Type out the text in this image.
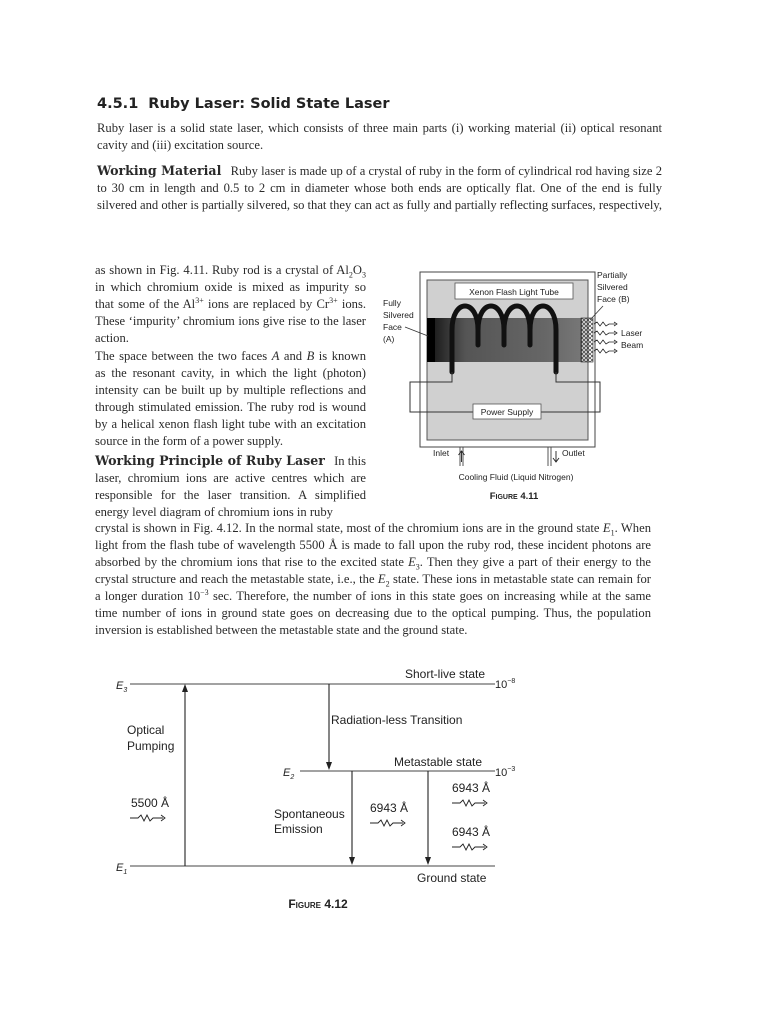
4.5.1 Ruby Laser: Solid State Laser
Ruby laser is a solid state laser, which consists of three main parts (i) working material (ii) optical resonant cavity and (iii) excitation source.
Working Material Ruby laser is made up of a crystal of ruby in the form of cylindrical rod having size 2 to 30 cm in length and 0.5 to 2 cm in diameter whose both ends are optically flat. One of the end is fully silvered and other is partially silvered, so that they can act as fully and partially reflecting surfaces, respectively,
as shown in Fig. 4.11. Ruby rod is a crystal of $Al_2O_3$ in which chromium oxide is mixed as impurity so that some of the $Al^{3+}$ ions are replaced by $Cr^{3+}$ ions. These ‘impurity’ chromium ions give rise to the laser action.
The space between the two faces A and B is known as the resonant cavity, in which the light (photon) intensity can be built up by multiple reflections and through stimulated emission. The ruby rod is wound by a helical xenon flash light tube with an excitation source in the form of a power supply.
Working Principle of Ruby Laser In this laser, chromium ions are active centres which are responsible for the laser transition. A simplified energy level diagram of chromium ions in ruby
crystal is shown in Fig. 4.12. In the normal state, most of the chromium ions are in the ground state $E_1$. When light from the flash tube of wavelength 5500 Å is made to fall upon the ruby rod, these incident photons are absorbed by the chromium ions that rise to the excited state $E_3$. Then they give a part of their energy to the crystal structure and reach the metastable state, i.e., the $E_2$ state. These ions in metastable state can remain for a longer duration $10^{-3}$ sec. Therefore, the number of ions in this state goes on increasing while at the same time number of ions in ground state goes on decreasing due to the optical pumping. Thus, the population inversion is established between the metastable state and the ground state.
Xenon Flash Light Tube
Power Supply
Inlet	Outlet
Cooling Fluid (Liquid Nitrogen)
Fully
Silvered
Face
(A)
Partially
Silvered
Face (B)
Laser
Beam
Figure 4.11
$E_3$
$E_2$
$E_1$
Short-live state
$10^{-8}$
Radiation-less Transition
Metastable state
$10^{-3}$
Optical
Pumping
5500 Å
Spontaneous
Emission
6943 Å
6943 Å
6943 Å
Ground state
Figure 4.12
